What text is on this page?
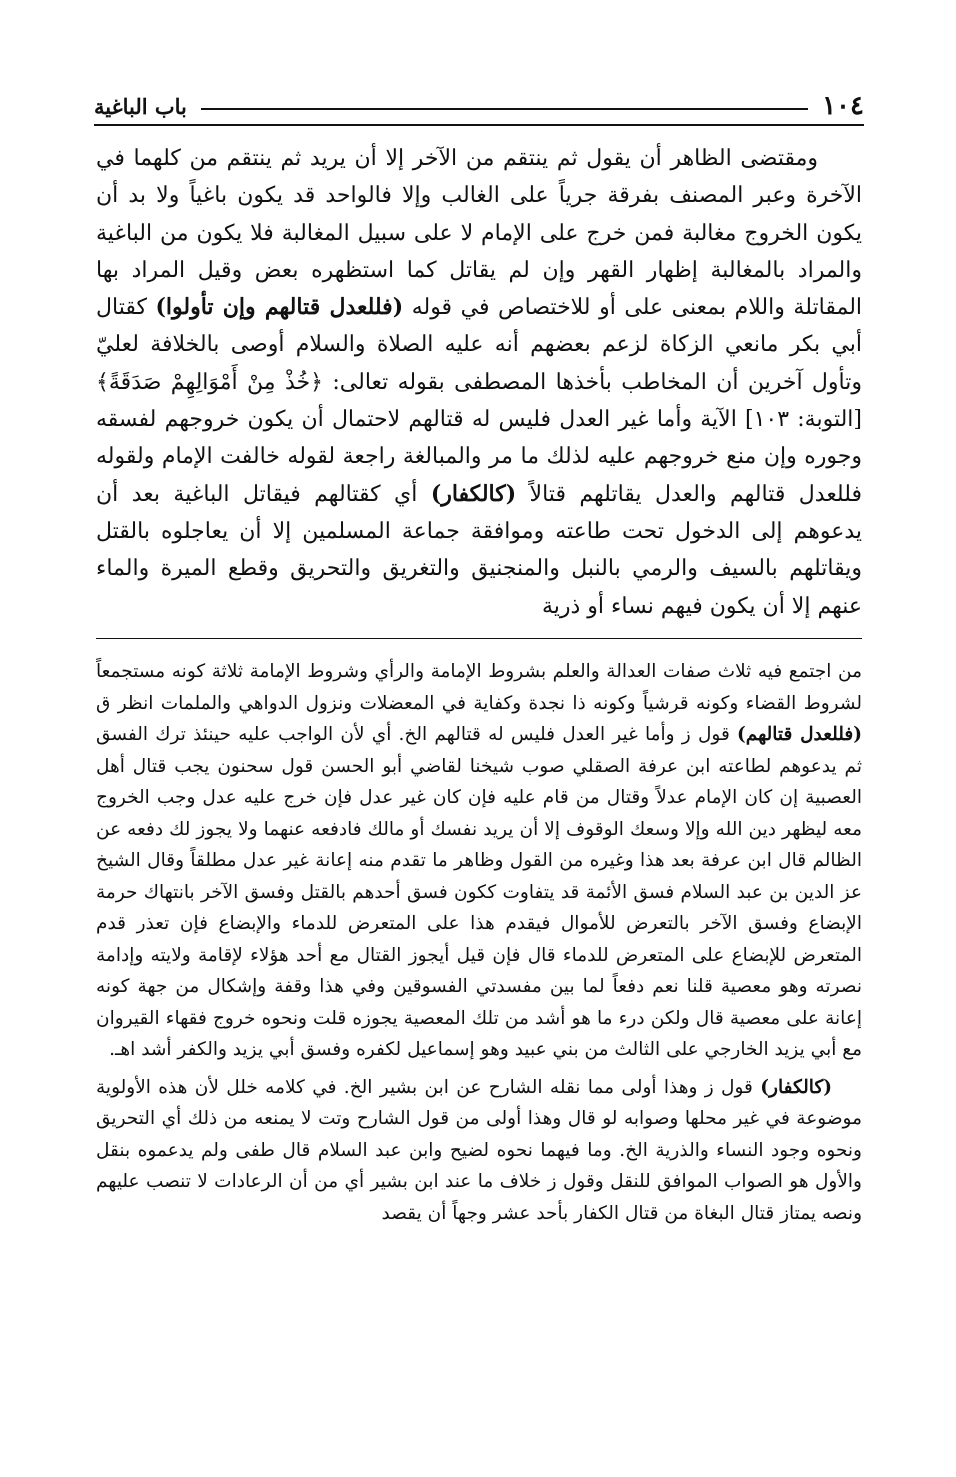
١٠٤
باب الباغية

ومقتضى الظاهر أن يقول ثم ينتقم من الآخر إلا أن يريد ثم ينتقم من كلهما في الآخرة وعبر المصنف بفرقة جرياً على الغالب وإلا فالواحد قد يكون باغياً ولا بد أن يكون الخروج مغالبة فمن خرج على الإمام لا على سبيل المغالبة فلا يكون من الباغية والمراد بالمغالبة إظهار القهر وإن لم يقاتل كما استظهره بعض وقيل المراد بها المقاتلة واللام بمعنى على أو للاختصاص في قوله (فللعدل قتالهم وإن تأولوا) كقتال أبي بكر مانعي الزكاة لزعم بعضهم أنه عليه الصلاة والسلام أوصى بالخلافة لعليّ وتأول آخرين أن المخاطب بأخذها المصطفى بقوله تعالى: ﴿خُذْ مِنْ أَمْوَالِهِمْ صَدَقَةً﴾ [التوبة: ١٠٣] الآية وأما غير العدل فليس له قتالهم لاحتمال أن يكون خروجهم لفسقه وجوره وإن منع خروجهم عليه لذلك ما مر والمبالغة راجعة لقوله خالفت الإمام ولقوله فللعدل قتالهم والعدل يقاتلهم قتالاً (كالكفار) أي كقتالهم فيقاتل الباغية بعد أن يدعوهم إلى الدخول تحت طاعته وموافقة جماعة المسلمين إلا أن يعاجلوه بالقتل ويقاتلهم بالسيف والرمي بالنبل والمنجنيق والتغريق والتحريق وقطع الميرة والماء عنهم إلا أن يكون فيهم نساء أو ذرية

من اجتمع فيه ثلاث صفات العدالة والعلم بشروط الإمامة والرأي وشروط الإمامة ثلاثة كونه مستجمعاً لشروط القضاء وكونه قرشياً وكونه ذا نجدة وكفاية في المعضلات ونزول الدواهي والملمات انظر ق (فللعدل قتالهم) قول ز وأما غير العدل فليس له قتالهم الخ. أي لأن الواجب عليه حينئذ ترك الفسق ثم يدعوهم لطاعته ابن عرفة الصقلي صوب شيخنا لقاضي أبو الحسن قول سحنون يجب قتال أهل العصبية إن كان الإمام عدلاً وقتال من قام عليه فإن كان غير عدل فإن خرج عليه عدل وجب الخروج معه ليظهر دين الله وإلا وسعك الوقوف إلا أن يريد نفسك أو مالك فادفعه عنهما ولا يجوز لك دفعه عن الظالم قال ابن عرفة بعد هذا وغيره من القول وظاهر ما تقدم منه إعانة غير عدل مطلقاً وقال الشيخ عز الدين بن عبد السلام فسق الأئمة قد يتفاوت ككون فسق أحدهم بالقتل وفسق الآخر بانتهاك حرمة الإبضاع وفسق الآخر بالتعرض للأموال فيقدم هذا على المتعرض للدماء والإبضاع فإن تعذر قدم المتعرض للإبضاع على المتعرض للدماء قال فإن قيل أيجوز القتال مع أحد هؤلاء لإقامة ولايته وإدامة نصرته وهو معصية قلنا نعم دفعاً لما بين مفسدتي الفسوقين وفي هذا وقفة وإشكال من جهة كونه إعانة على معصية قال ولكن درء ما هو أشد من تلك المعصية يجوزه قلت ونحوه خروج فقهاء القيروان مع أبي يزيد الخارجي على الثالث من بني عبيد وهو إسماعيل لكفره وفسق أبي يزيد والكفر أشد اهـ.

(كالكفار) قول ز وهذا أولى مما نقله الشارح عن ابن بشير الخ. في كلامه خلل لأن هذه الأولوية موضوعة في غير محلها وصوابه لو قال وهذا أولى من قول الشارح وتت لا يمنعه من ذلك أي التحريق ونحوه وجود النساء والذرية الخ. وما فيهما نحوه لضيح وابن عبد السلام قال طفى ولم يدعموه بنقل والأول هو الصواب الموافق للنقل وقول ز خلاف ما عند ابن بشير أي من أن الرعادات لا تنصب عليهم ونصه يمتاز قتال البغاة من قتال الكفار بأحد عشر وجهاً أن يقصد
